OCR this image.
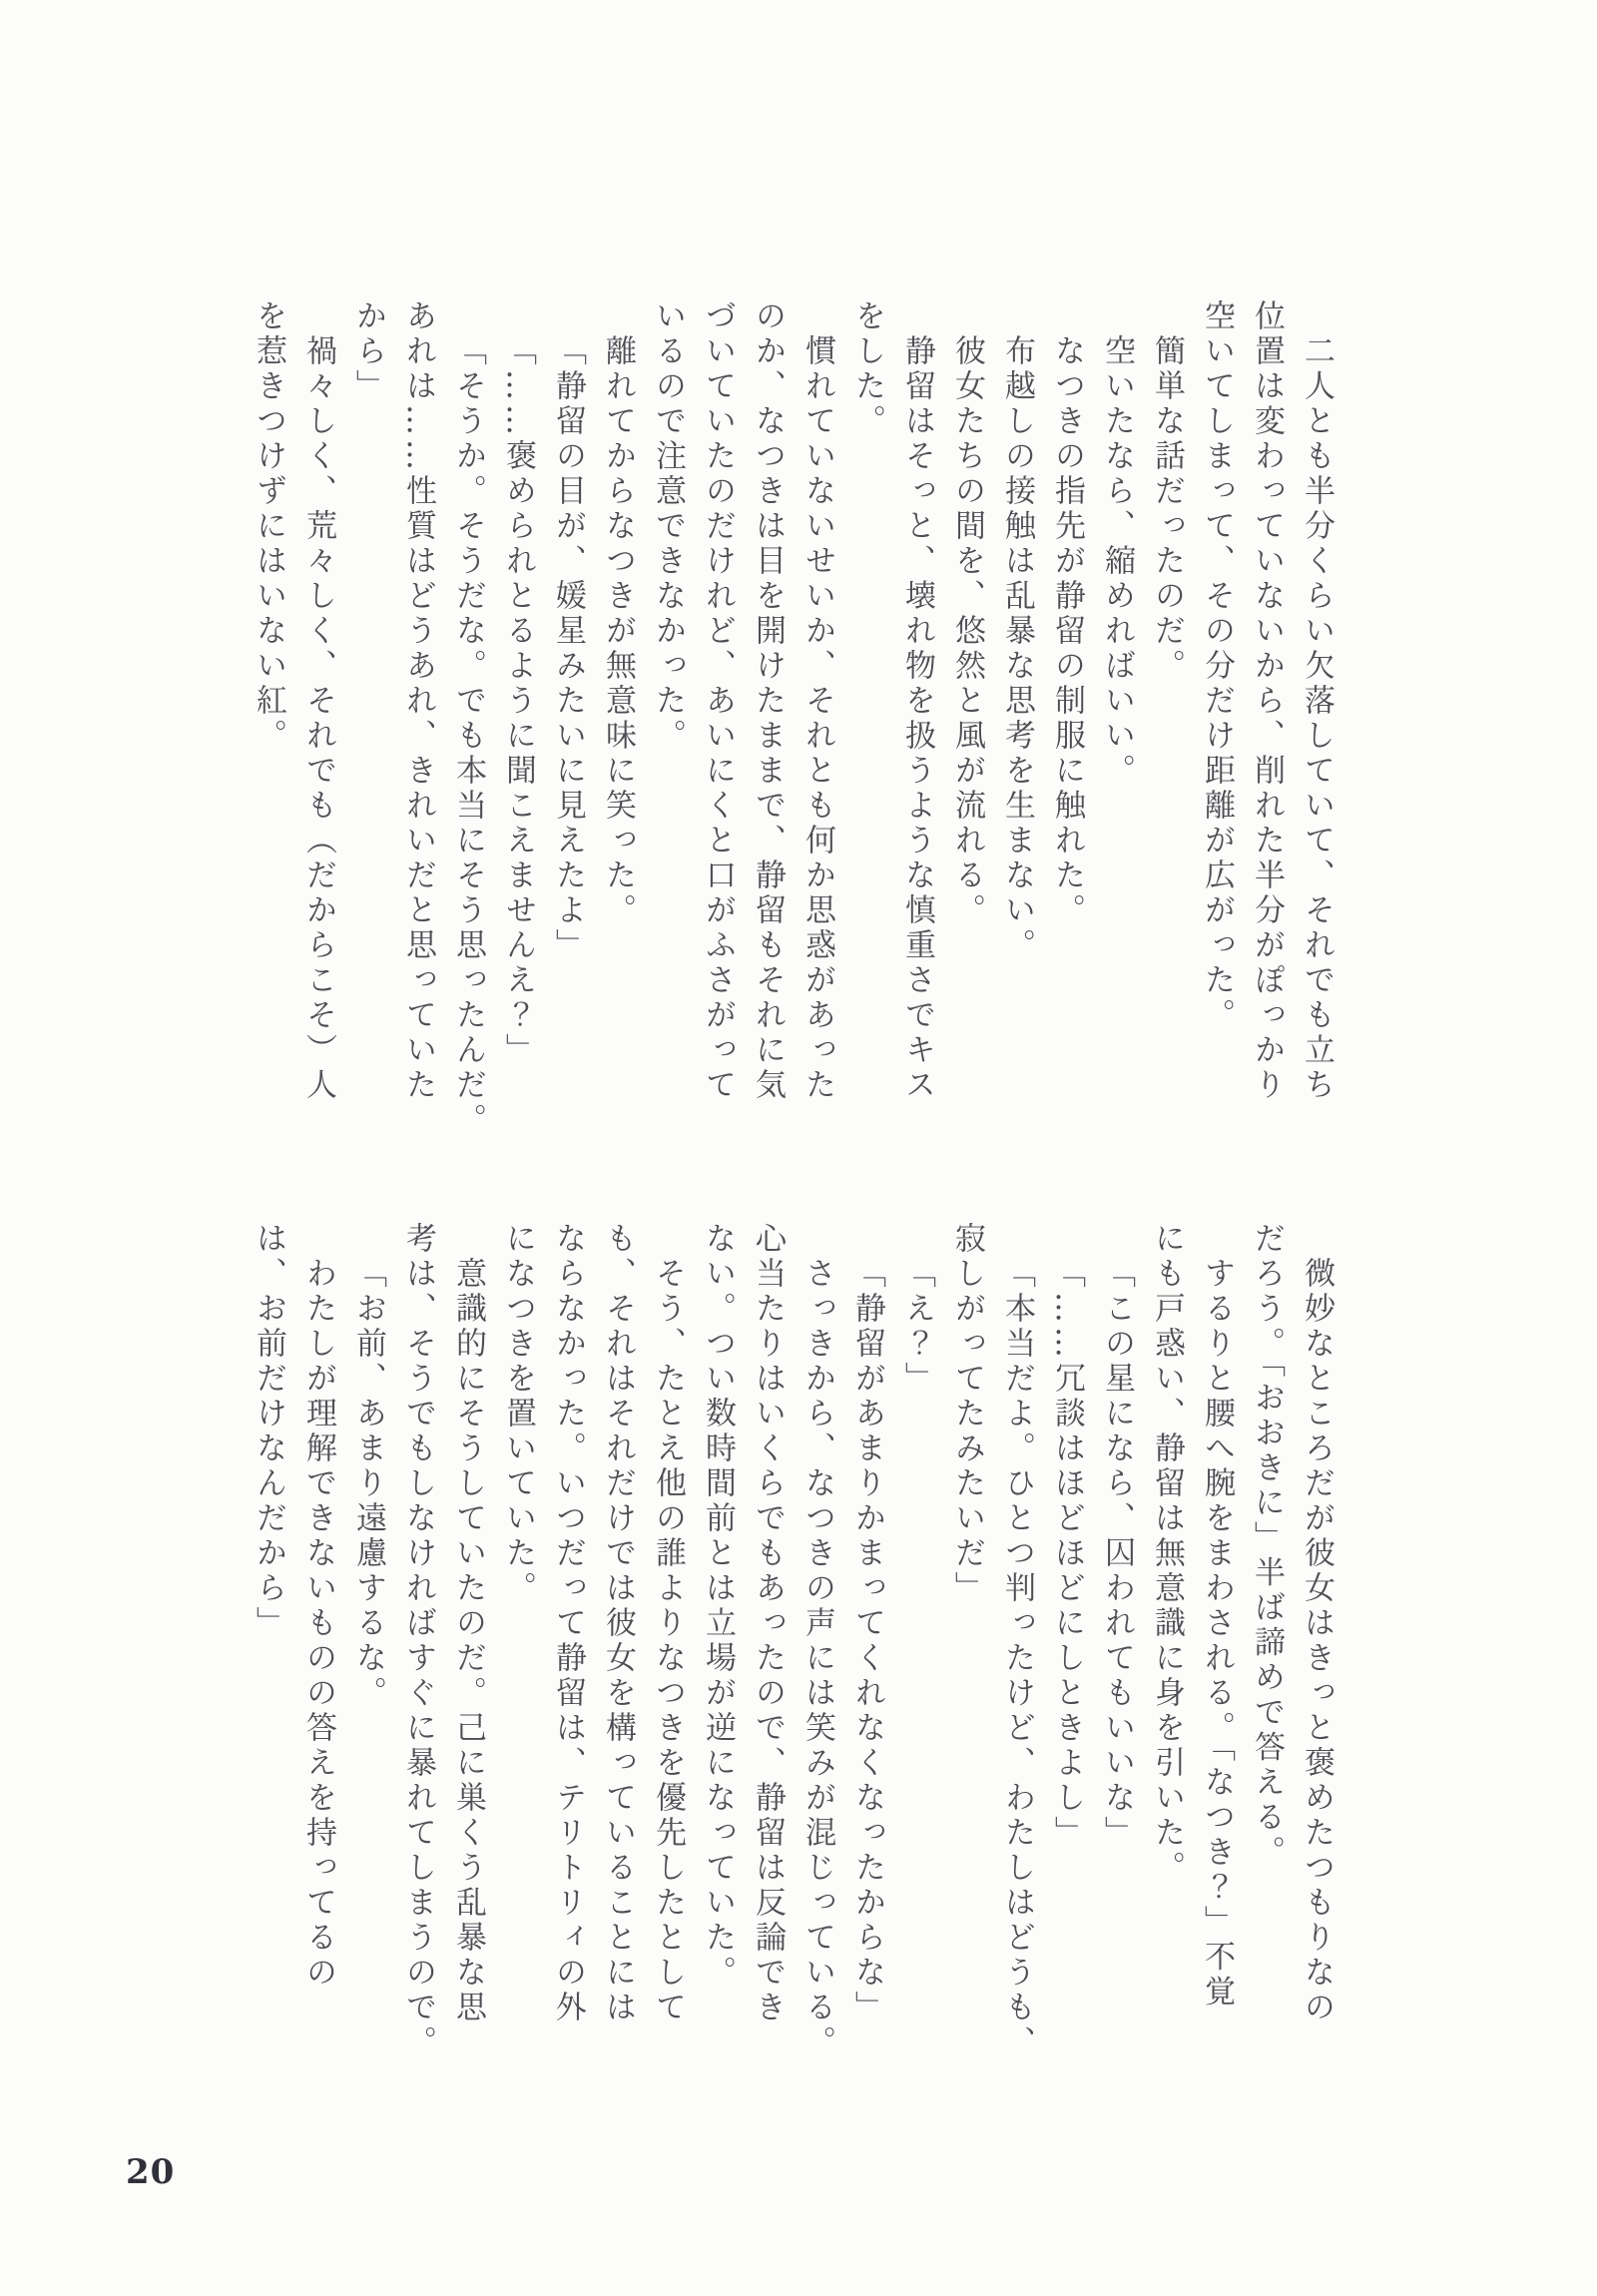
二人とも半分くらい欠落していて、それでも立ち

位置は変わっていないから、削れた半分がぽっかり

空いてしまって、その分だけ距離が広がった。

簡単な話だったのだ。

空いたなら、縮めればいい。

なつきの指先が静留の制服に触れた。

布越しの接触は乱暴な思考を生まない。

彼女たちの間を、悠然と風が流れる。

静留はそっと、壊れ物を扱うような慎重さでキス

をした。

慣れていないせいか、それとも何か思惑があった

のか、なつきは目を開けたままで、静留もそれに気

づいていたのだけれど、あいにくと口がふさがって

いるので注意できなかった。

離れてからなつきが無意味に笑った。

「静留の目が、媛星みたいに見えたよ」

「……褒められとるように聞こえませんえ？」

「そうか。そうだな。でも本当にそう思ったんだ。

あれは……性質はどうあれ、きれいだと思っていた

から」

禍々しく、荒々しく、それでも（だからこそ）人

を惹きつけずにはいない紅。

微妙なところだが彼女はきっと褒めたつもりなの

だろう。「おおきに」半ば諦めで答える。

するりと腰へ腕をまわされる。「なつき？」不覚

にも戸惑い、静留は無意識に身を引いた。

「この星になら、囚われてもいいな」

「……冗談はほどほどにしときよし」

「本当だよ。ひとつ判ったけど、わたしはどうも、

寂しがってたみたいだ」

「え？」

「静留があまりかまってくれなくなったからな」

さっきから、なつきの声には笑みが混じっている。

心当たりはいくらでもあったので、静留は反論でき

ない。つい数時間前とは立場が逆になっていた。

そう、たとえ他の誰よりなつきを優先したとして

も、それはそれだけでは彼女を構っていることには

ならなかった。いつだって静留は、テリトリィの外

になつきを置いていた。

意識的にそうしていたのだ。己に巣くう乱暴な思

考は、そうでもしなければすぐに暴れてしまうので。

「お前、あまり遠慮するな。

わたしが理解できないものの答えを持ってるの

は、お前だけなんだから」

20
